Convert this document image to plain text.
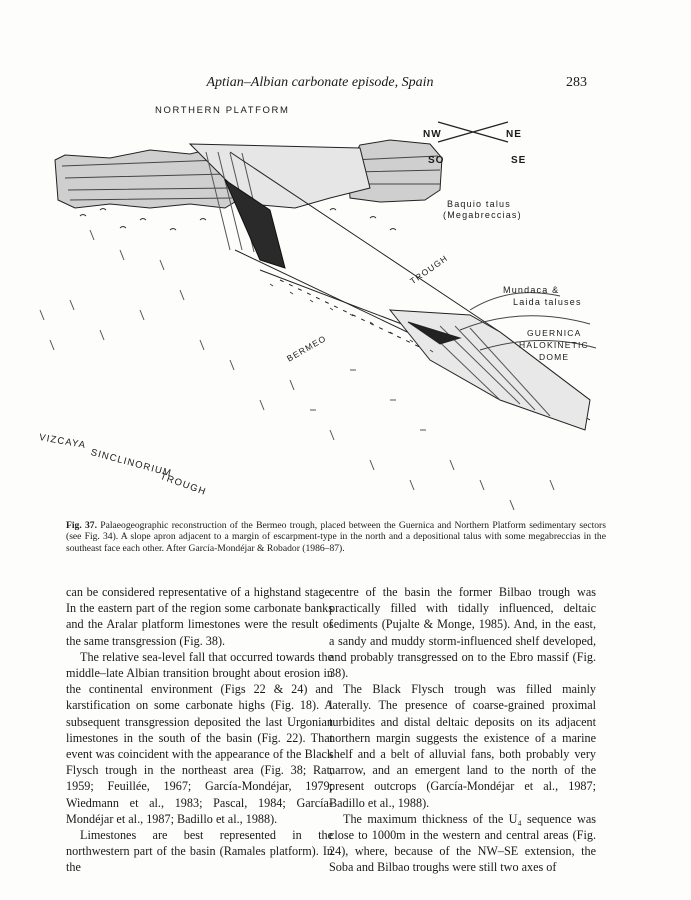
Aptian–Albian carbonate episode, Spain	283
NORTHERN PLATFORM
NW	NE
SO	SE
Baquio talus
(Megabreccias)
TROUGH
Mundaca &
Laida taluses
GUERNICA
HALOKINETIC
DOME
BERMEO
VIZCAYA
SINCLINORIUM
TROUGH
Fig. 37. Palaeogeographic reconstruction of the Bermeo trough, placed between the Guernica and Northern Platform sedimentary sectors (see Fig. 34). A slope apron adjacent to a margin of escarpment-type in the north and a depositional talus with some megabreccias in the southeast face each other. After García-Mondéjar & Robador (1986–87).

can be considered representative of a highstand stage. In the eastern part of the region some carbonate banks and the Aralar platform limestones were the result of the same transgression (Fig. 38).

The relative sea-level fall that occurred towards the middle–late Albian transition brought about erosion in the continental environment (Figs 22 & 24) and karstification on some carbonate highs (Fig. 18). A subsequent transgression deposited the last Urgonian limestones in the south of the basin (Fig. 22). That event was coincident with the appearance of the Black Flysch trough in the northeast area (Fig. 38; Rat, 1959; Feuillée, 1967; García-Mondéjar, 1979; Wiedmann et al., 1983; Pascal, 1984; García-Mondéjar et al., 1987; Badillo et al., 1988).

Limestones are best represented in the northwestern part of the basin (Ramales platform). In the

centre of the basin the former Bilbao trough was practically filled with tidally influenced, deltaic sediments (Pujalte & Monge, 1985). And, in the east, a sandy and muddy storm-influenced shelf developed, and probably transgressed on to the Ebro massif (Fig. 38).

The Black Flysch trough was filled mainly laterally. The presence of coarse-grained proximal turbidites and distal deltaic deposits on its adjacent northern margin suggests the existence of a marine shelf and a belt of alluvial fans, both probably very narrow, and an emergent land to the north of the present outcrops (García-Mondéjar et al., 1987; Badillo et al., 1988).

The maximum thickness of the U₄ sequence was close to 1000m in the western and central areas (Fig. 24), where, because of the NW–SE extension, the Soba and Bilbao troughs were still two axes of
